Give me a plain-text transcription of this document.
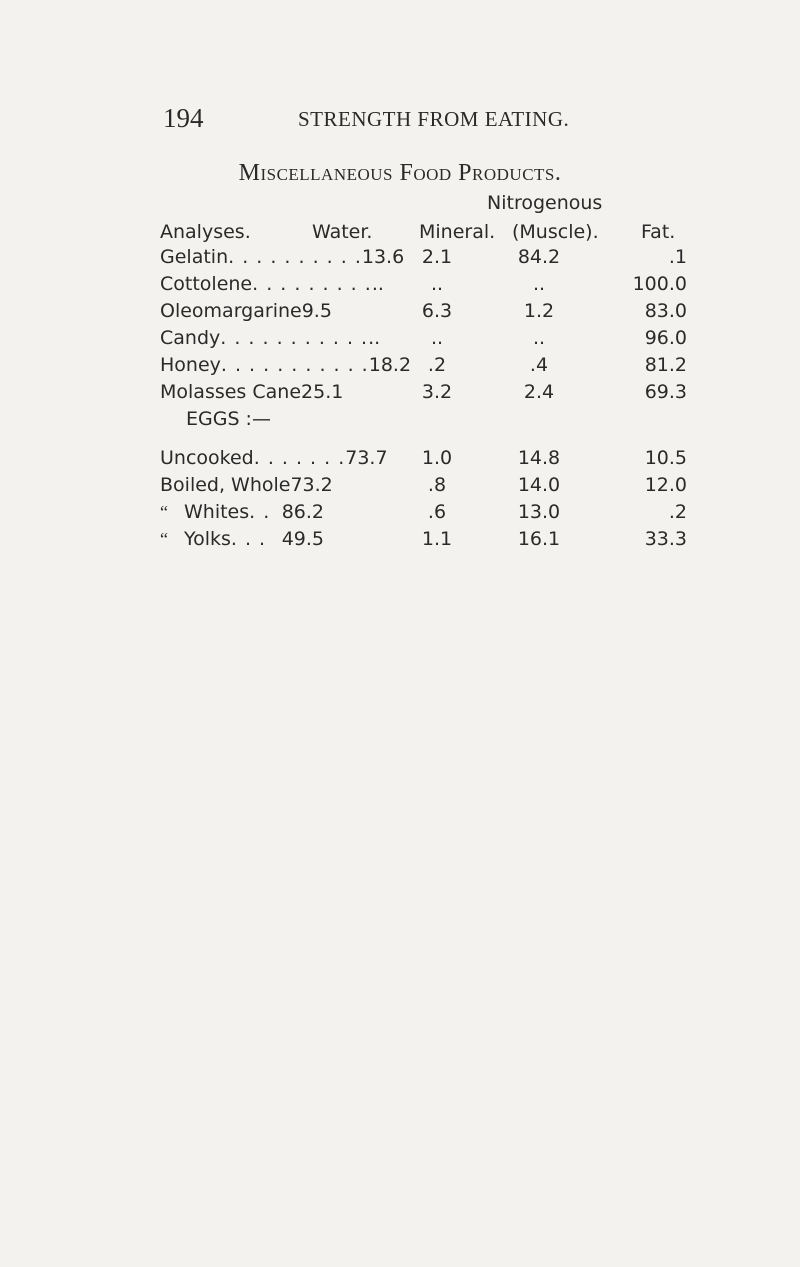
194	STRENGTH FROM EATING.
Miscellaneous Food Products.
Nitrogenous
Analyses.	Water. Mineral. (Muscle). Fat.
Gelatin . . . . . . . . . . 13.6 2.1	84.2	.1
Cottolene . . . . . . . . . .. ..	..	100.0
Oleomargarine 9.5	6.3	1.2	83.0
Candy . . . . . . . . . . . ..	..	..	96.0
Honey . . . . . . . . . . . 18.2 .2	.4	81.2
Molasses Cane 25.1	3.2	2.4	69.3
EGGS :—
Uncooked . . . . . . . 73.7 1.0	14.8	10.5
Boiled, Whole 73.2	.8	14.0	12.0
“ Whites . . 86.2	.6	13.0	.2
“ Yolks . . . 49.5	1.1	16.1	33.3
